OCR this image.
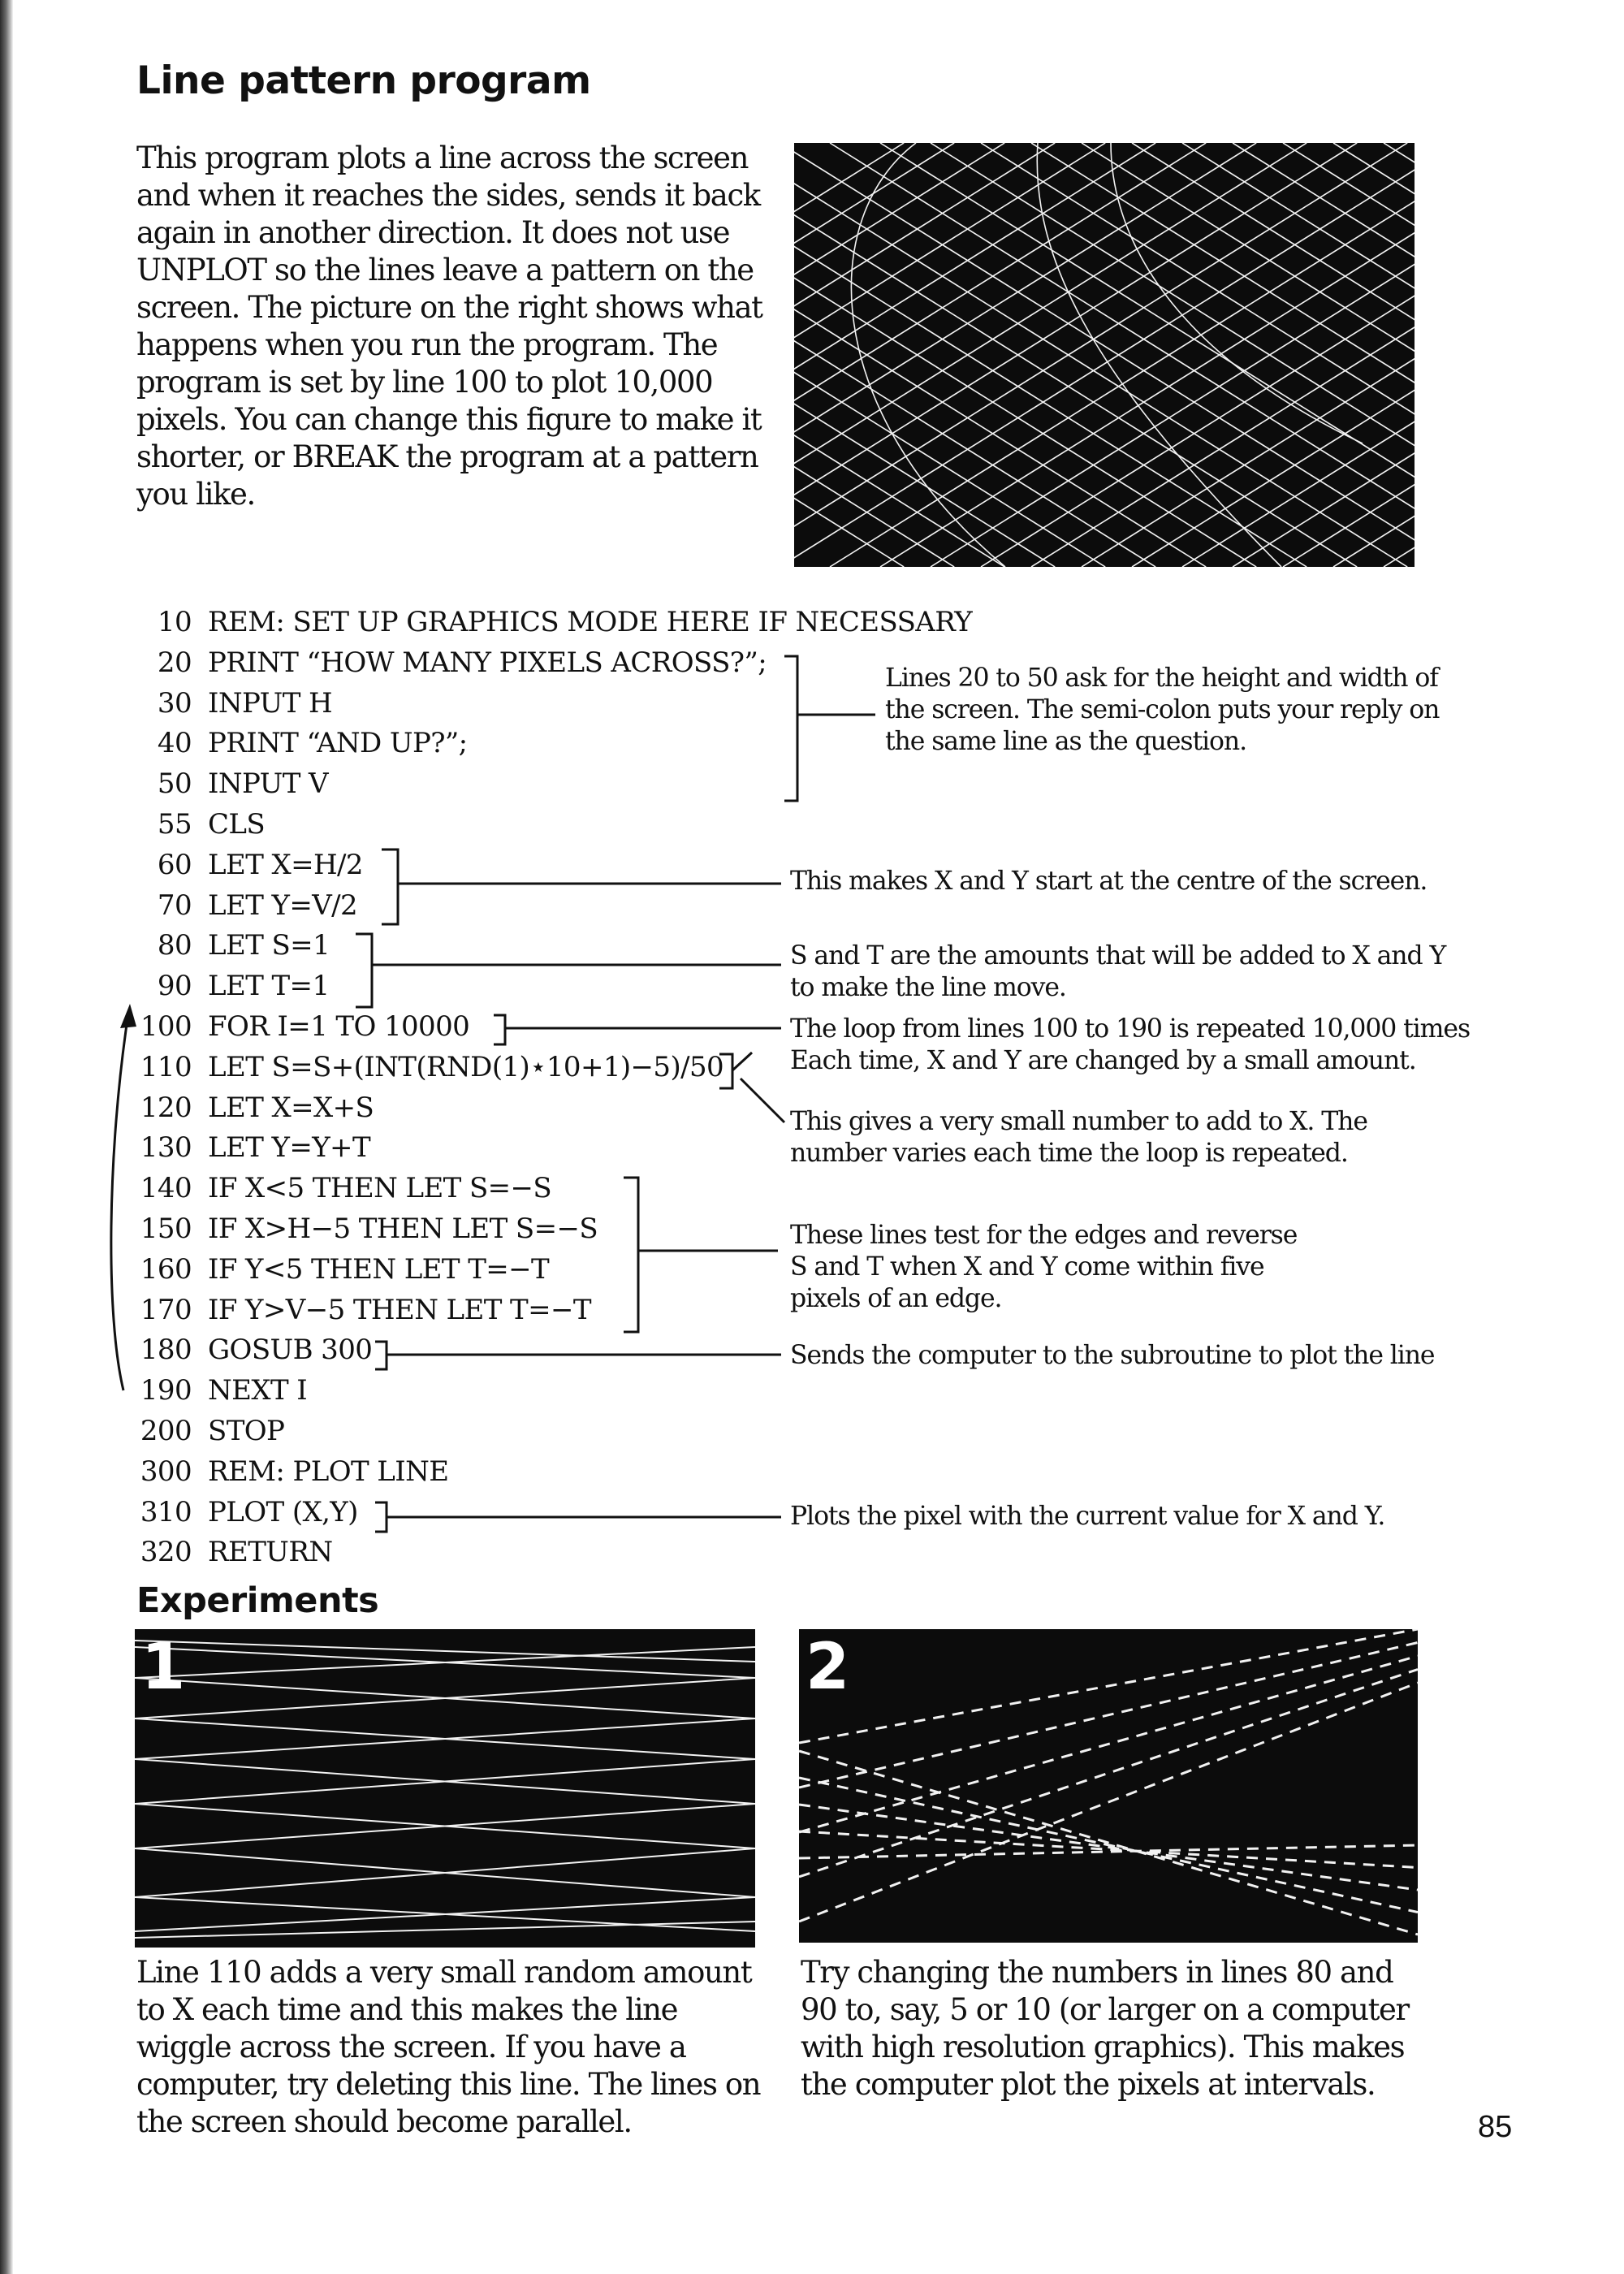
Line pattern program

This program plots a line across the screen and when it reaches the sides, sends it back again in another direction. It does not use UNPLOT so the lines leave a pattern on the screen. The picture on the right shows what happens when you run the program. The program is set by line 100 to plot 10,000 pixels. You can change this figure to make it shorter, or BREAK the program at a pattern you like.

10 REM: SET UP GRAPHICS MODE HERE IF NECESSARY
20 PRINT “HOW MANY PIXELS ACROSS?”;
30 INPUT H
40 PRINT “AND UP?”;
50 INPUT V
55 CLS
60 LET X=H/2
70 LET Y=V/2
80 LET S=1
90 LET T=1
100 FOR I=1 TO 10000
110 LET S=S+(INT(RND(1)⋆10+1)−5)/50
120 LET X=X+S
130 LET Y=Y+T
140 IF X<5 THEN LET S=−S
150 IF X>H−5 THEN LET S=−S
160 IF Y<5 THEN LET T=−T
170 IF Y>V−5 THEN LET T=−T
180 GOSUB 300
190 NEXT I
200 STOP
300 REM: PLOT LINE
310 PLOT (X,Y)
320 RETURN

Lines 20 to 50 ask for the height and width of the screen. The semi-colon puts your reply on the same line as the question.

This makes X and Y start at the centre of the screen.

S and T are the amounts that will be added to X and Y to make the line move.

The loop from lines 100 to 190 is repeated 10,000 times Each time, X and Y are changed by a small amount.

This gives a very small number to add to X. The number varies each time the loop is repeated.

These lines test for the edges and reverse S and T when X and Y come within five pixels of an edge.

Sends the computer to the subroutine to plot the line

Plots the pixel with the current value for X and Y.

Experiments
1	2

Line 110 adds a very small random amount to X each time and this makes the line wiggle across the screen. If you have a computer, try deleting this line. The lines on the screen should become parallel.

Try changing the numbers in lines 80 and 90 to, say, 5 or 10 (or larger on a computer with high resolution graphics). This makes the computer plot the pixels at intervals.

85
